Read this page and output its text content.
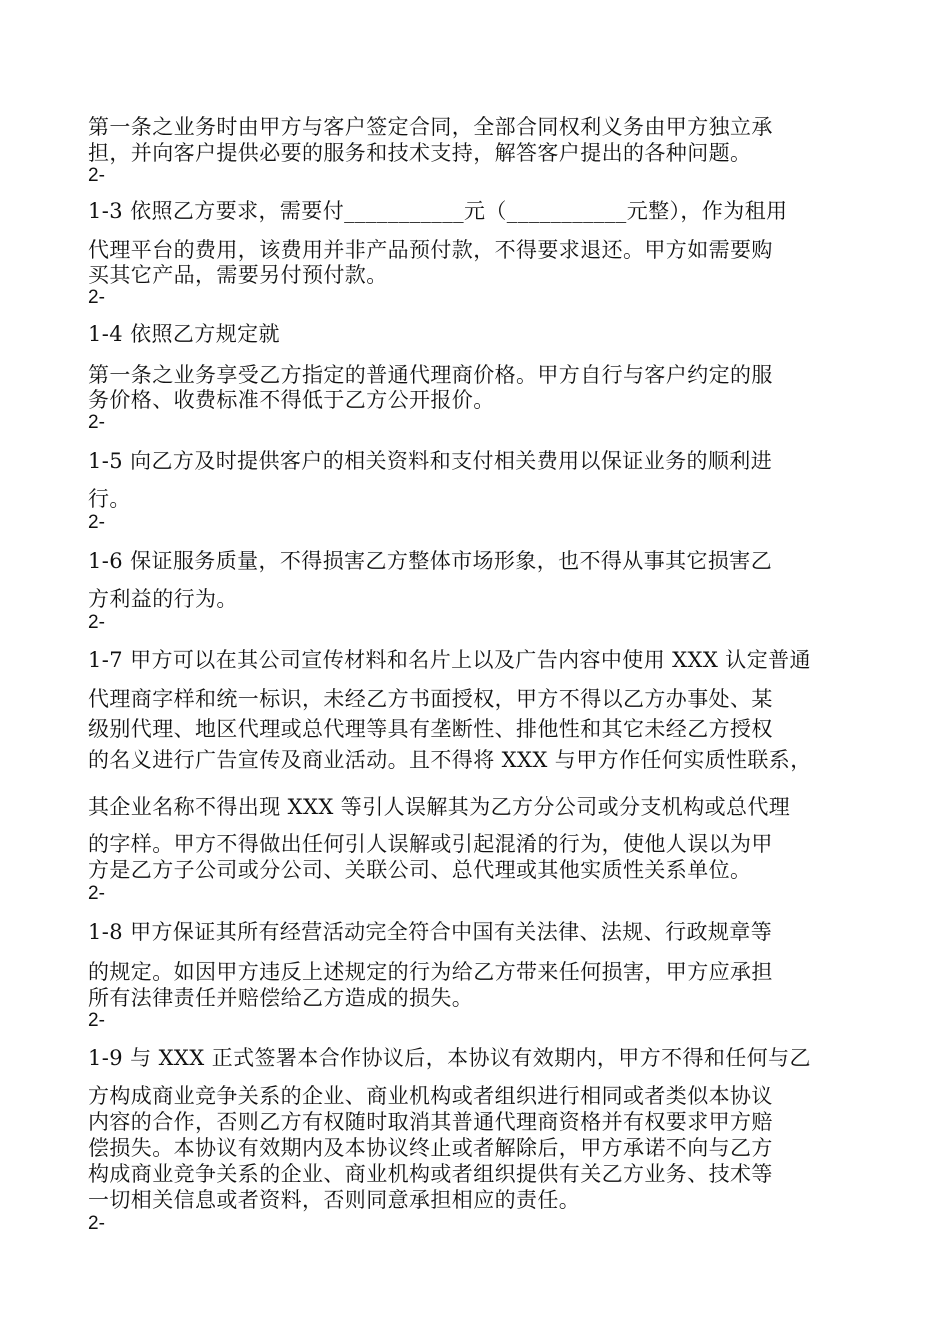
第一条之业务时由甲方与客户签定合同，全部合同权利义务由甲方独立承
担，并向客户提供必要的服务和技术支持，解答客户提出的各种问题。
2-
1-3 依照乙方要求，需要付___________元（___________元整），作为租用
代理平台的费用，该费用并非产品预付款，不得要求退还。甲方如需要购
买其它产品，需要另付预付款。
2-
1-4 依照乙方规定就
第一条之业务享受乙方指定的普通代理商价格。甲方自行与客户约定的服
务价格、收费标准不得低于乙方公开报价。
2-
1-5 向乙方及时提供客户的相关资料和支付相关费用以保证业务的顺利进
行。
2-
1-6 保证服务质量，不得损害乙方整体市场形象，也不得从事其它损害乙
方利益的行为。
2-
1-7 甲方可以在其公司宣传材料和名片上以及广告内容中使用 XXX 认定普通
代理商字样和统一标识，未经乙方书面授权，甲方不得以乙方办事处、某
级别代理、地区代理或总代理等具有垄断性、排他性和其它未经乙方授权
的名义进行广告宣传及商业活动。且不得将 XXX 与甲方作任何实质性联系，
其企业名称不得出现 XXX 等引人误解其为乙方分公司或分支机构或总代理
的字样。甲方不得做出任何引人误解或引起混淆的行为，使他人误以为甲
方是乙方子公司或分公司、关联公司、总代理或其他实质性关系单位。
2-
1-8 甲方保证其所有经营活动完全符合中国有关法律、法规、行政规章等
的规定。如因甲方违反上述规定的行为给乙方带来任何损害，甲方应承担
所有法律责任并赔偿给乙方造成的损失。
2-
1-9 与 XXX 正式签署本合作协议后，本协议有效期内，甲方不得和任何与乙
方构成商业竞争关系的企业、商业机构或者组织进行相同或者类似本协议
内容的合作，否则乙方有权随时取消其普通代理商资格并有权要求甲方赔
偿损失。本协议有效期内及本协议终止或者解除后，甲方承诺不向与乙方
构成商业竞争关系的企业、商业机构或者组织提供有关乙方业务、技术等
一切相关信息或者资料，否则同意承担相应的责任。
2-
